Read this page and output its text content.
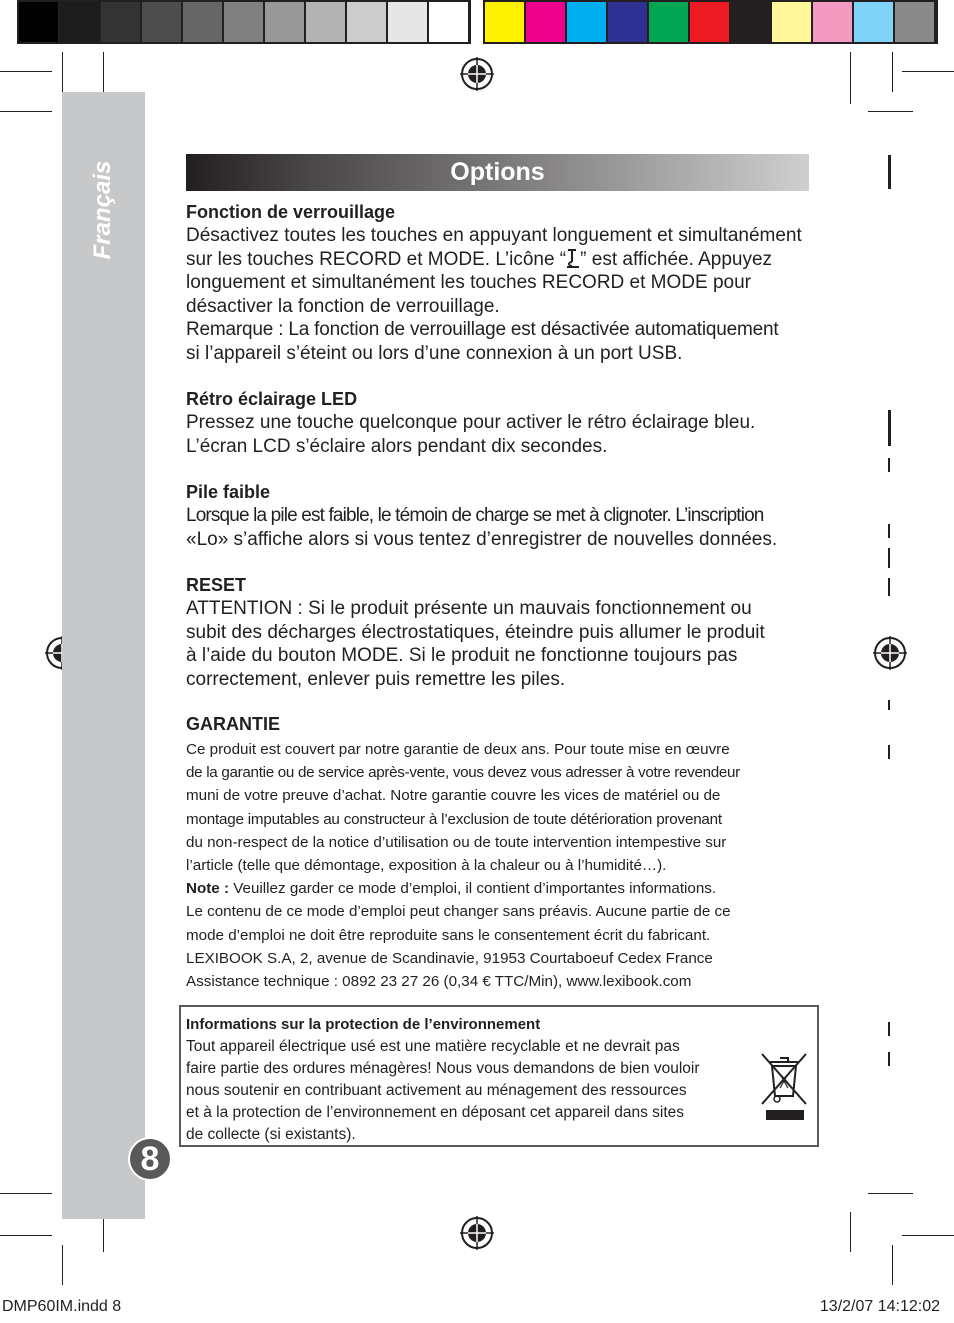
Français
8
Options

Fonction de verrouillage

Désactivez toutes les touches en appuyant longuement et simultanément

sur les touches RECORD et MODE. L’icône “ ” est affichée. Appuyez

longuement et simultanément les touches RECORD et MODE pour

désactiver la fonction de verrouillage.

Remarque : La fonction de verrouillage est désactivée automatiquement

si l’appareil s’éteint ou lors d’une connexion à un port USB.

Rétro éclairage LED

Pressez une touche quelconque pour activer le rétro éclairage bleu.

L’écran LCD s’éclaire alors pendant dix secondes.

Pile faible

Lorsque la pile est faible, le témoin de charge se met à clignoter. L’inscription

«Lo» s’affiche alors si vous tentez d’enregistrer de nouvelles données.

RESET

ATTENTION : Si le produit présente un mauvais fonctionnement ou

subit des décharges électrostatiques, éteindre puis allumer le produit

à l’aide du bouton MODE. Si le produit ne fonctionne toujours pas

correctement, enlever puis remettre les piles.

GARANTIE

Ce produit est couvert par notre garantie de deux ans. Pour toute mise en œuvre

de la garantie ou de service après-vente, vous devez vous adresser à votre revendeur

muni de votre preuve d’achat. Notre garantie couvre les vices de matériel ou de

montage imputables au constructeur à l’exclusion de toute détérioration provenant

du non-respect de la notice d’utilisation ou de toute intervention intempestive sur

l’article (telle que démontage, exposition à la chaleur ou à l’humidité…).

Note : Veuillez garder ce mode d’emploi, il contient d’importantes informations.

Le contenu de ce mode d’emploi peut changer sans préavis. Aucune partie de ce

mode d’emploi ne doit être reproduite sans le consentement écrit du fabricant.

LEXIBOOK S.A, 2, avenue de Scandinavie, 91953 Courtaboeuf Cedex France

Assistance technique : 0892 23 27 26 (0,34 € TTC/Min), www.lexibook.com

Informations sur la protection de l’environnement

Tout appareil électrique usé est une matière recyclable et ne devrait pas

faire partie des ordures ménagères! Nous vous demandons de bien vouloir

nous soutenir en contribuant activement au ménagement des ressources

et à la protection de l’environnement en déposant cet appareil dans sites

de collecte (si existants).

DMP60IM.indd 8	13/2/07 14:12:02
